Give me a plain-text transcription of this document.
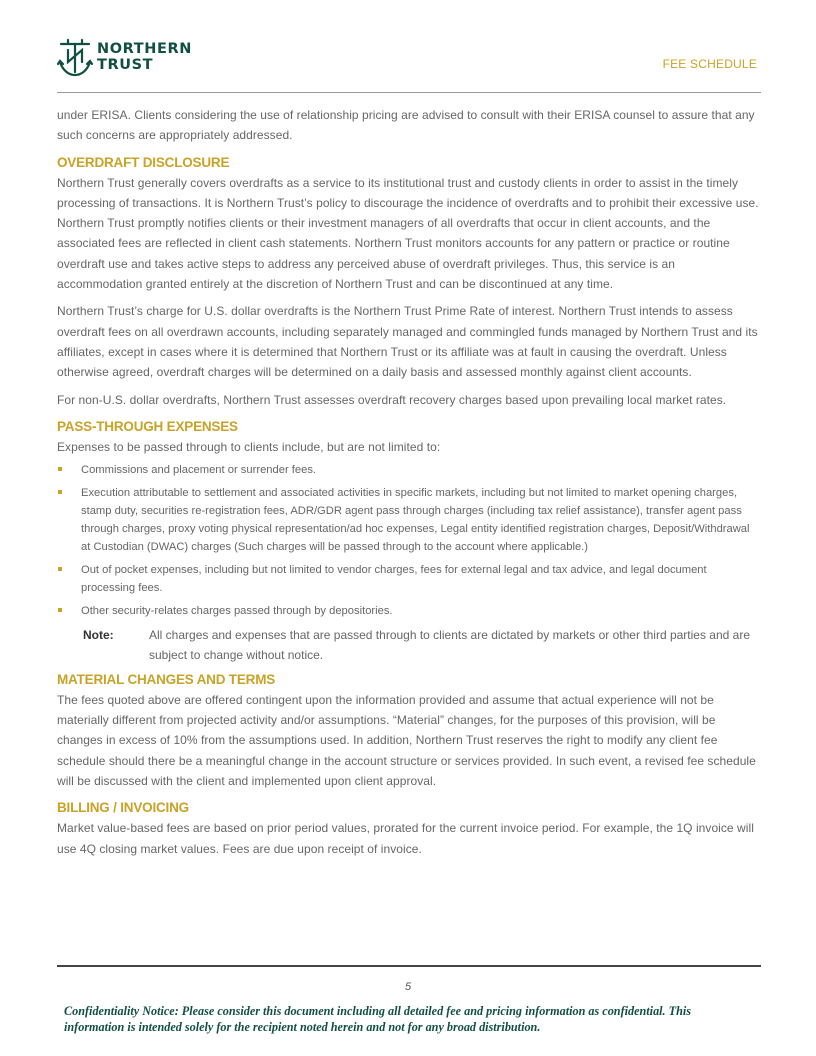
NORTHERN
TRUST	FEE SCHEDULE

under ERISA. Clients considering the use of relationship pricing are advised to consult with their ERISA counsel to assure that any such concerns are appropriately addressed.

OVERDRAFT DISCLOSURE

Northern Trust generally covers overdrafts as a service to its institutional trust and custody clients in order to assist in the timely processing of transactions. It is Northern Trust’s policy to discourage the incidence of overdrafts and to prohibit their excessive use. Northern Trust promptly notifies clients or their investment managers of all overdrafts that occur in client accounts, and the associated fees are reflected in client cash statements. Northern Trust monitors accounts for any pattern or practice or routine overdraft use and takes active steps to address any perceived abuse of overdraft privileges. Thus, this service is an accommodation granted entirely at the discretion of Northern Trust and can be discontinued at any time.

Northern Trust’s charge for U.S. dollar overdrafts is the Northern Trust Prime Rate of interest. Northern Trust intends to assess overdraft fees on all overdrawn accounts, including separately managed and commingled funds managed by Northern Trust and its affiliates, except in cases where it is determined that Northern Trust or its affiliate was at fault in causing the overdraft. Unless otherwise agreed, overdraft charges will be determined on a daily basis and assessed monthly against client accounts.

For non-U.S. dollar overdrafts, Northern Trust assesses overdraft recovery charges based upon prevailing local market rates.

PASS-THROUGH EXPENSES

Expenses to be passed through to clients include, but are not limited to:

Commissions and placement or surrender fees.
Execution attributable to settlement and associated activities in specific markets, including but not limited to market opening charges, stamp duty, securities re-registration fees, ADR/GDR agent pass through charges (including tax relief assistance), transfer agent pass through charges, proxy voting physical representation/ad hoc expenses, Legal entity identified registration charges, Deposit/Withdrawal at Custodian (DWAC) charges (Such charges will be passed through to the account where applicable.)
Out of pocket expenses, including but not limited to vendor charges, fees for external legal and tax advice, and legal document processing fees.
Other security-relates charges passed through by depositories.
Note:	All charges and expenses that are passed through to clients are dictated by markets or other third parties and are subject to change without notice.
MATERIAL CHANGES AND TERMS

The fees quoted above are offered contingent upon the information provided and assume that actual experience will not be materially different from projected activity and/or assumptions. “Material” changes, for the purposes of this provision, will be changes in excess of 10% from the assumptions used. In addition, Northern Trust reserves the right to modify any client fee schedule should there be a meaningful change in the account structure or services provided. In such event, a revised fee schedule will be discussed with the client and implemented upon client approval.

BILLING / INVOICING

Market value-based fees are based on prior period values, prorated for the current invoice period. For example, the 1Q invoice will use 4Q closing market values. Fees are due upon receipt of invoice.

5
Confidentiality Notice: Please consider this document including all detailed fee and pricing information as confidential. This information is intended solely for the recipient noted herein and not for any broad distribution.
